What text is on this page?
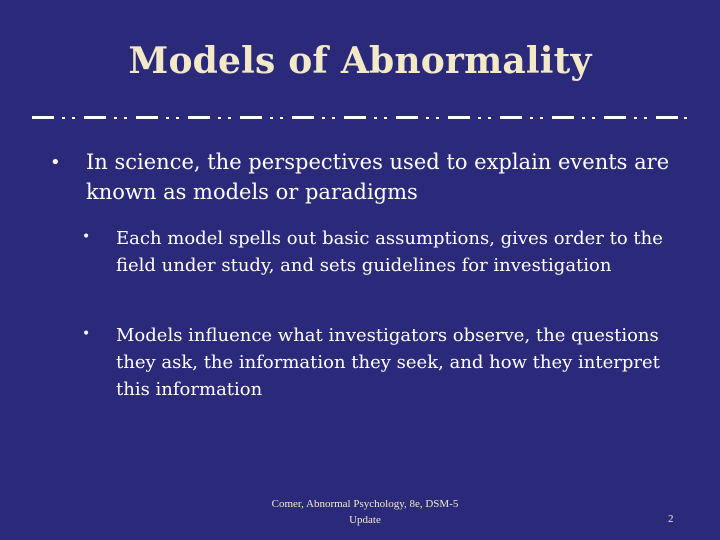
Models of Abnormality
• In science, the perspectives used to explain events are known as models or paradigms
• Each model spells out basic assumptions, gives order to the field under study, and sets guidelines for investigation
• Models influence what investigators observe, the questions they ask, the information they seek, and how they interpret this information
Comer, Abnormal Psychology, 8e, DSM-5 Update	2
